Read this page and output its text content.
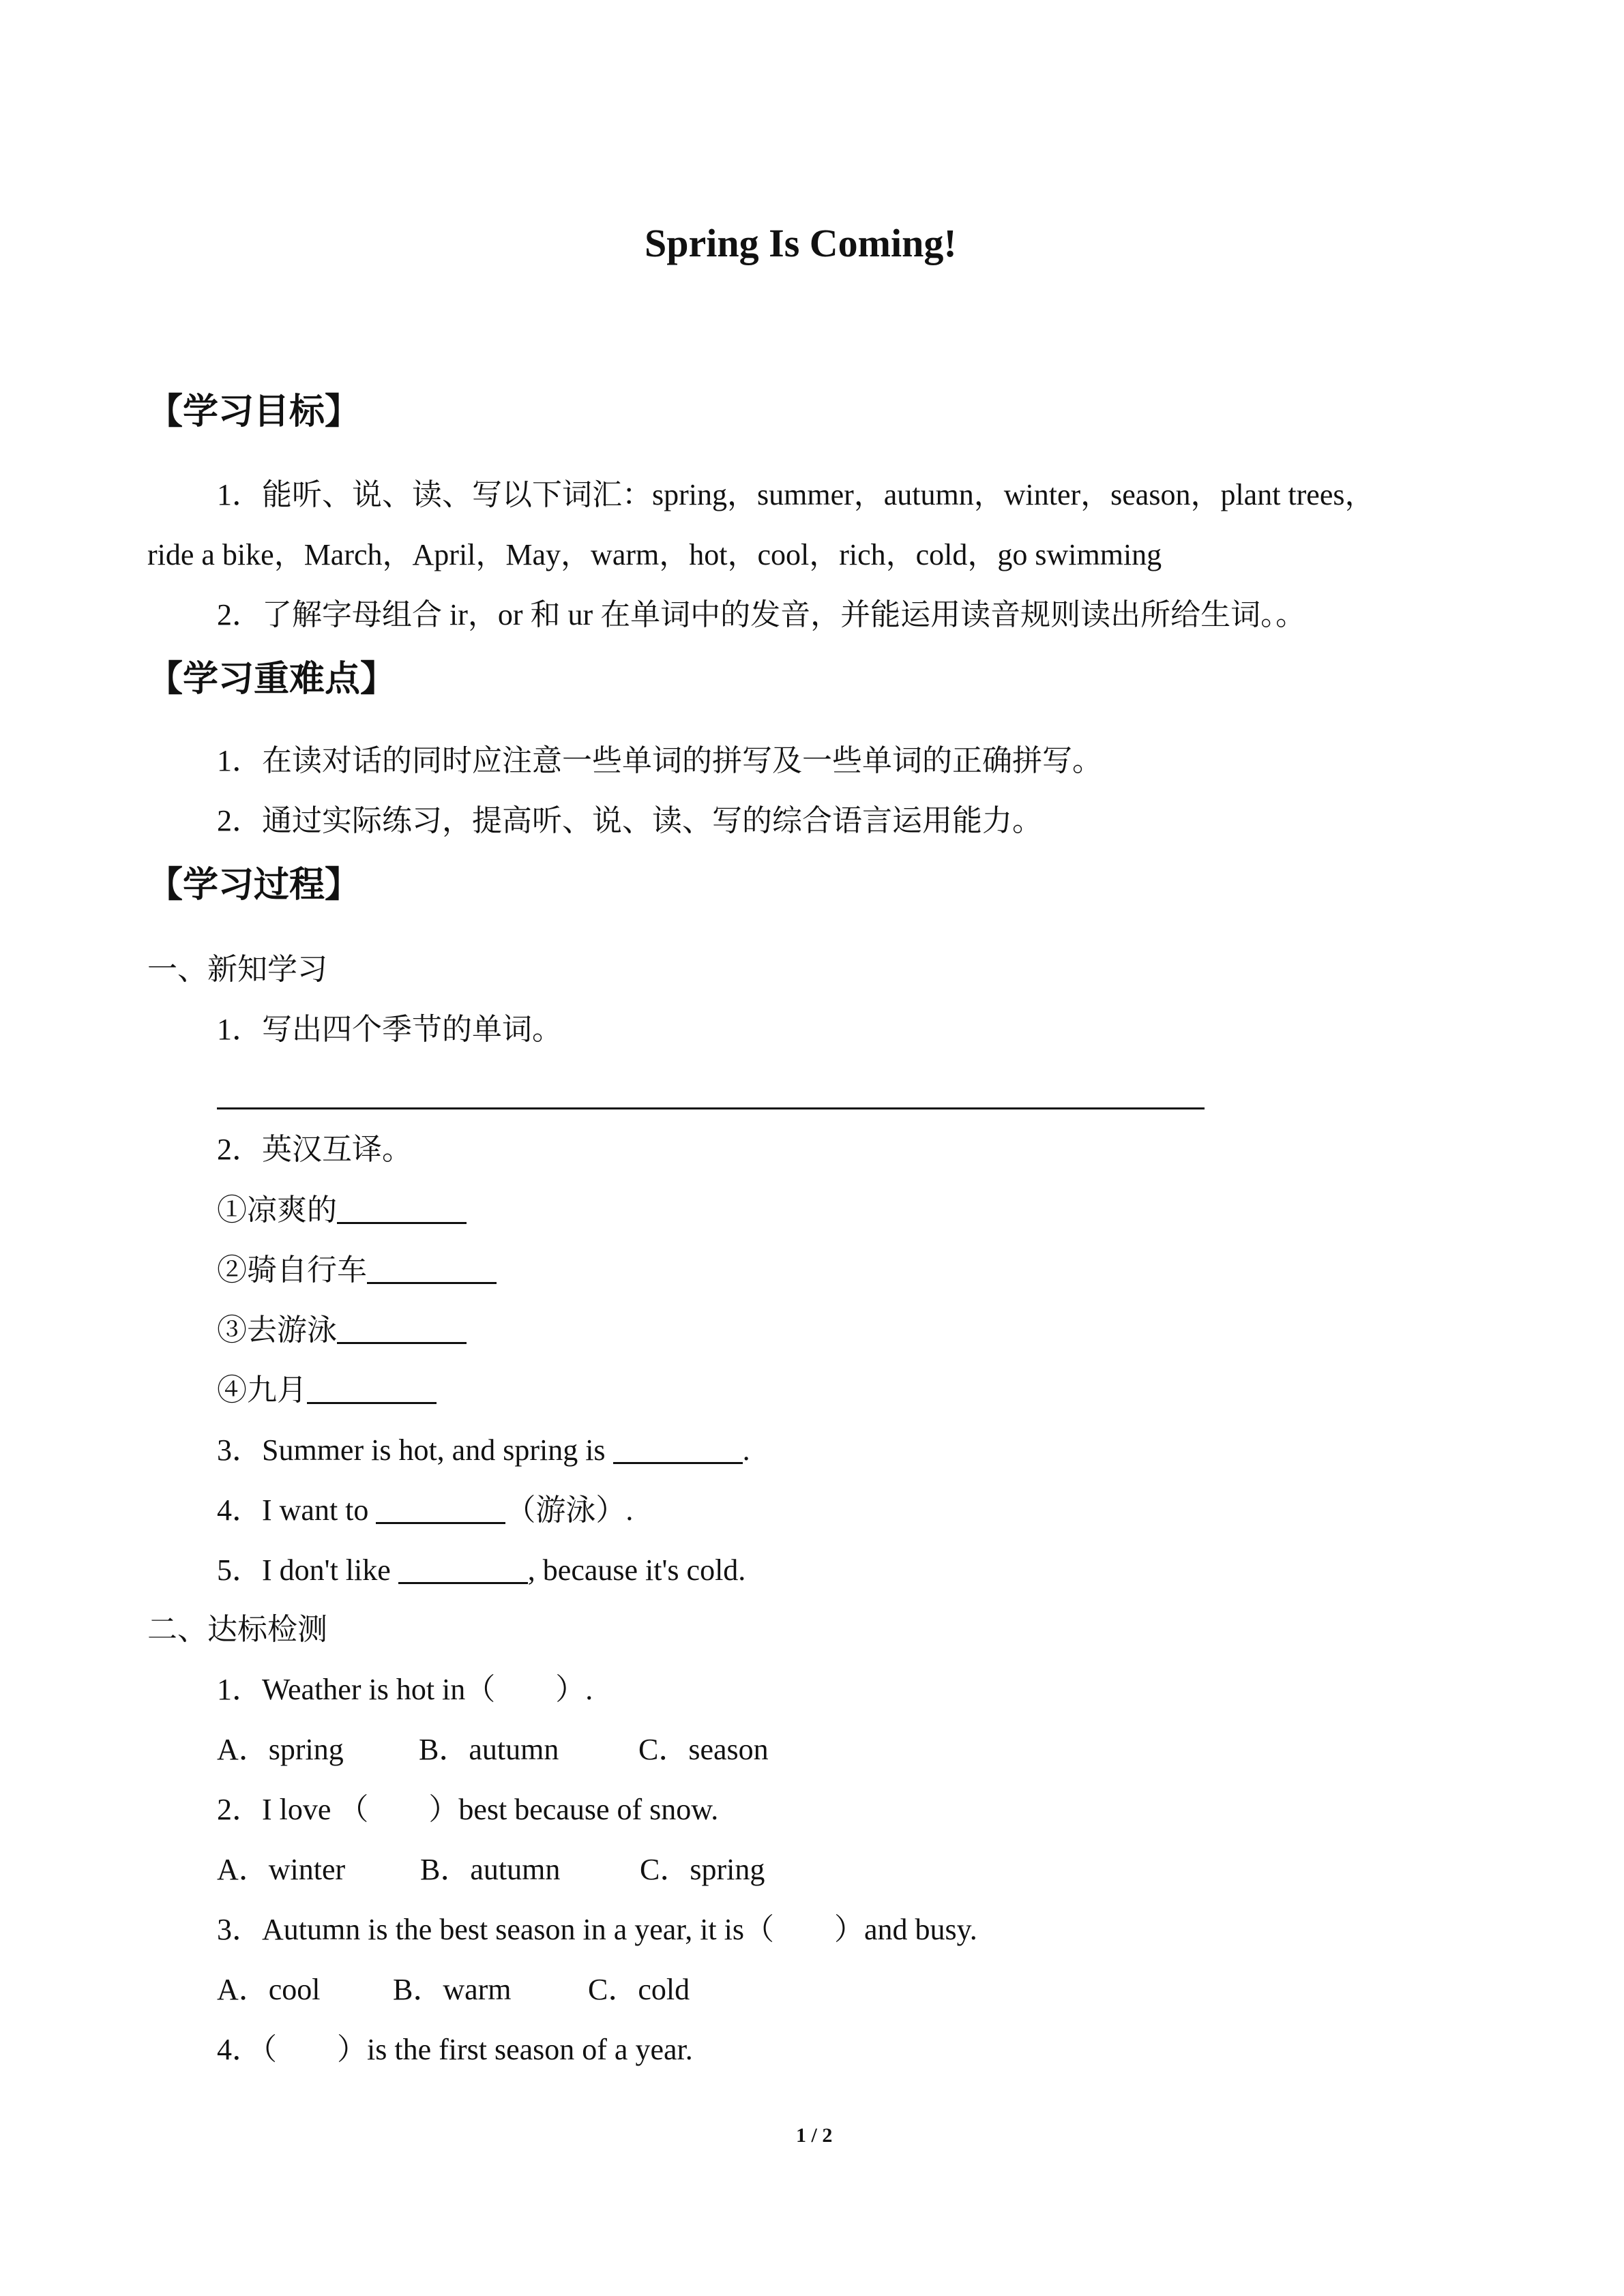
Spring Is Coming!
【学习目标】
1．能听、说、读、写以下词汇：spring，summer，autumn，winter，season，plant trees，
ride a bike，March，April，May，warm，hot，cool，rich，cold，go swimming
2．了解字母组合 ir，or 和 ur 在单词中的发音，并能运用读音规则读出所给生词。。
【学习重难点】
1．在读对话的同时应注意一些单词的拼写及一些单词的正确拼写。
2．通过实际练习，提高听、说、读、写的综合语言运用能力。
【学习过程】
一、新知学习
1．写出四个季节的单词。
2．英汉互译。
①凉爽的
②骑自行车
③去游泳
④九月
3．Summer is hot, and spring is	.
4．I want to	（游泳）.
5．I don't like	, because it's cold.
二、达标检测
1．Weather is hot in（　　）.
A．spring	B．autumn	C．season
2．I love （　　）best because of snow.
A．winter B．autumn	C．spring
3．Autumn is the best season in a year, it is（　　）and busy.
A．cool B．warm	C．cold
4．（　　）is the first season of a year.
1 / 2
